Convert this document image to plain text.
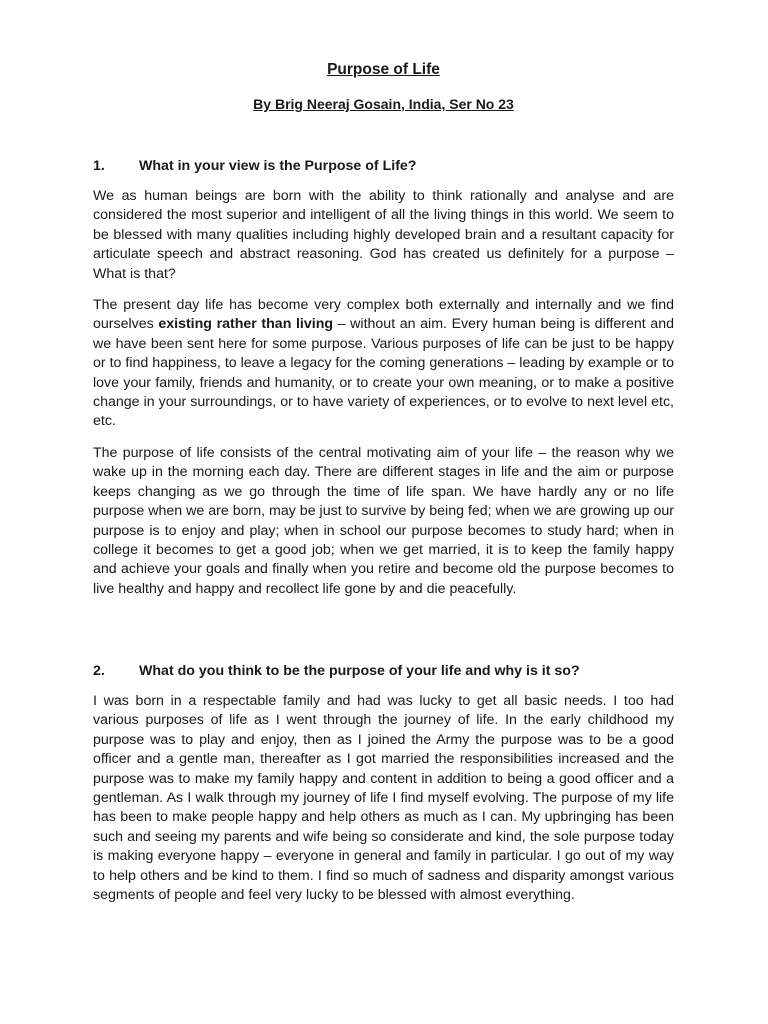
Purpose of Life

By Brig Neeraj Gosain, India, Ser No 23

1. What in your view is the Purpose of Life?

We as human beings are born with the ability to think rationally and analyse and are considered the most superior and intelligent of all the living things in this world. We seem to be blessed with many qualities including highly developed brain and a resultant capacity for articulate speech and abstract reasoning. God has created us definitely for a purpose – What is that?

The present day life has become very complex both externally and internally and we find ourselves existing rather than living – without an aim. Every human being is different and we have been sent here for some purpose. Various purposes of life can be just to be happy or to find happiness, to leave a legacy for the coming generations – leading by example or to love your family, friends and humanity, or to create your own meaning, or to make a positive change in your surroundings, or to have variety of experiences, or to evolve to next level etc, etc.

The purpose of life consists of the central motivating aim of your life – the reason why we wake up in the morning each day. There are different stages in life and the aim or purpose keeps changing as we go through the time of life span. We have hardly any or no life purpose when we are born, may be just to survive by being fed; when we are growing up our purpose is to enjoy and play; when in school our purpose becomes to study hard; when in college it becomes to get a good job; when we get married, it is to keep the family happy and achieve your goals and finally when you retire and become old the purpose becomes to live healthy and happy and recollect life gone by and die peacefully.

2. What do you think to be the purpose of your life and why is it so?

I was born in a respectable family and had was lucky to get all basic needs. I too had various purposes of life as I went through the journey of life. In the early childhood my purpose was to play and enjoy, then as I joined the Army the purpose was to be a good officer and a gentle man, thereafter as I got married the responsibilities increased and the purpose was to make my family happy and content in addition to being a good officer and a gentleman. As I walk through my journey of life I find myself evolving. The purpose of my life has been to make people happy and help others as much as I can. My upbringing has been such and seeing my parents and wife being so considerate and kind, the sole purpose today is making everyone happy – everyone in general and family in particular. I go out of my way to help others and be kind to them. I find so much of sadness and disparity amongst various segments of people and feel very lucky to be blessed with almost everything.
